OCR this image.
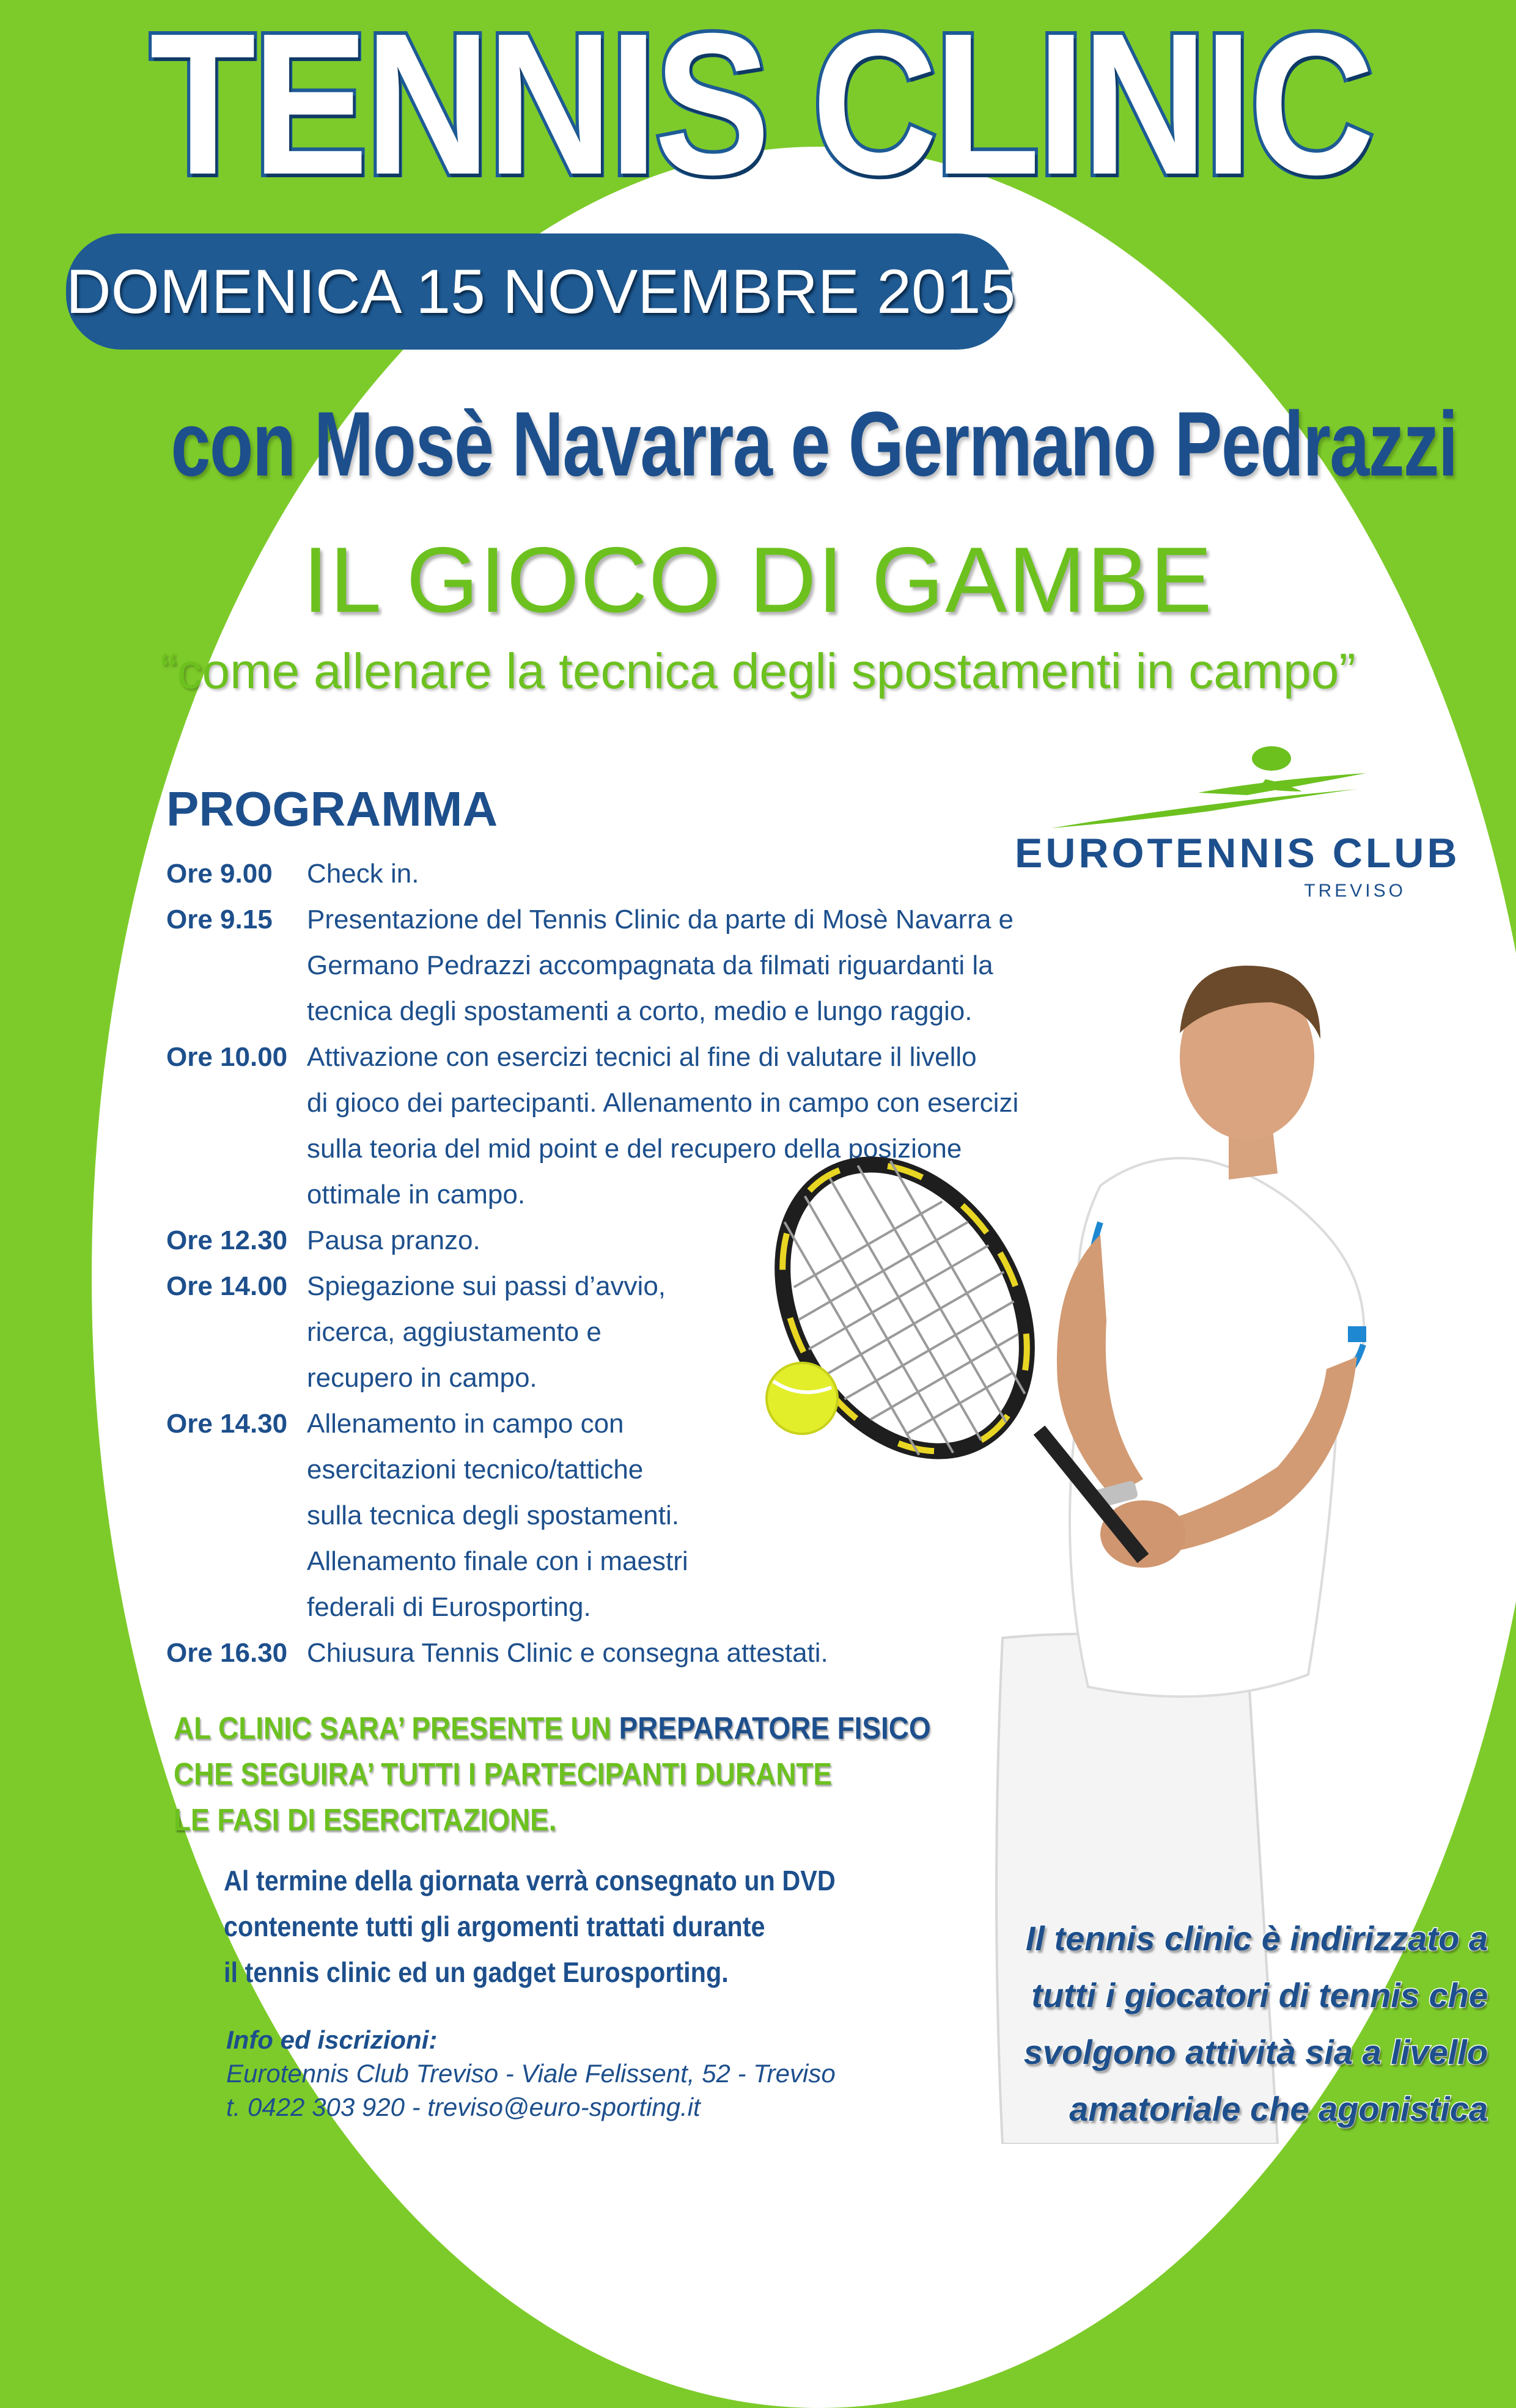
TENNIS CLINIC
DOMENICA 15 NOVEMBRE 2015
con Mosè Navarra e Germano Pedrazzi
IL GIOCO DI GAMBE
“come allenare la tecnica degli spostamenti in campo”
EUROTENNIS CLUB
TREVISO
PROGRAMMA
Ore 9.00 Check in.
Ore 9.15 Presentazione del Tennis Clinic da parte di Mosè Navarra e
Germano Pedrazzi accompagnata da filmati riguardanti la
tecnica degli spostamenti a corto, medio e lungo raggio.
Ore 10.00 Attivazione con esercizi tecnici al fine di valutare il livello
di gioco dei partecipanti. Allenamento in campo con esercizi
sulla teoria del mid point e del recupero della posizione
ottimale in campo.
Ore 12.30 Pausa pranzo.
Ore 14.00 Spiegazione sui passi d’avvio,
ricerca, aggiustamento e
recupero in campo.
Ore 14.30 Allenamento in campo con
esercitazioni tecnico/tattiche
sulla tecnica degli spostamenti.
Allenamento finale con i maestri
federali di Eurosporting.
Ore 16.30 Chiusura Tennis Clinic e consegna attestati.
AL CLINIC SARA’ PRESENTE UN PREPARATORE FISICO
CHE SEGUIRA’ TUTTI I PARTECIPANTI DURANTE
LE FASI DI ESERCITAZIONE.
Al termine della giornata verrà consegnato un DVD
contenente tutti gli argomenti trattati durante
il tennis clinic ed un gadget Eurosporting.
Info ed iscrizioni:
Eurotennis Club Treviso - Viale Felissent, 52 - Treviso
t. 0422 303 920 - treviso@euro-sporting.it
Il tennis clinic è indirizzato a
tutti i giocatori di tennis che
svolgono attività sia a livello
amatoriale che agonistica
